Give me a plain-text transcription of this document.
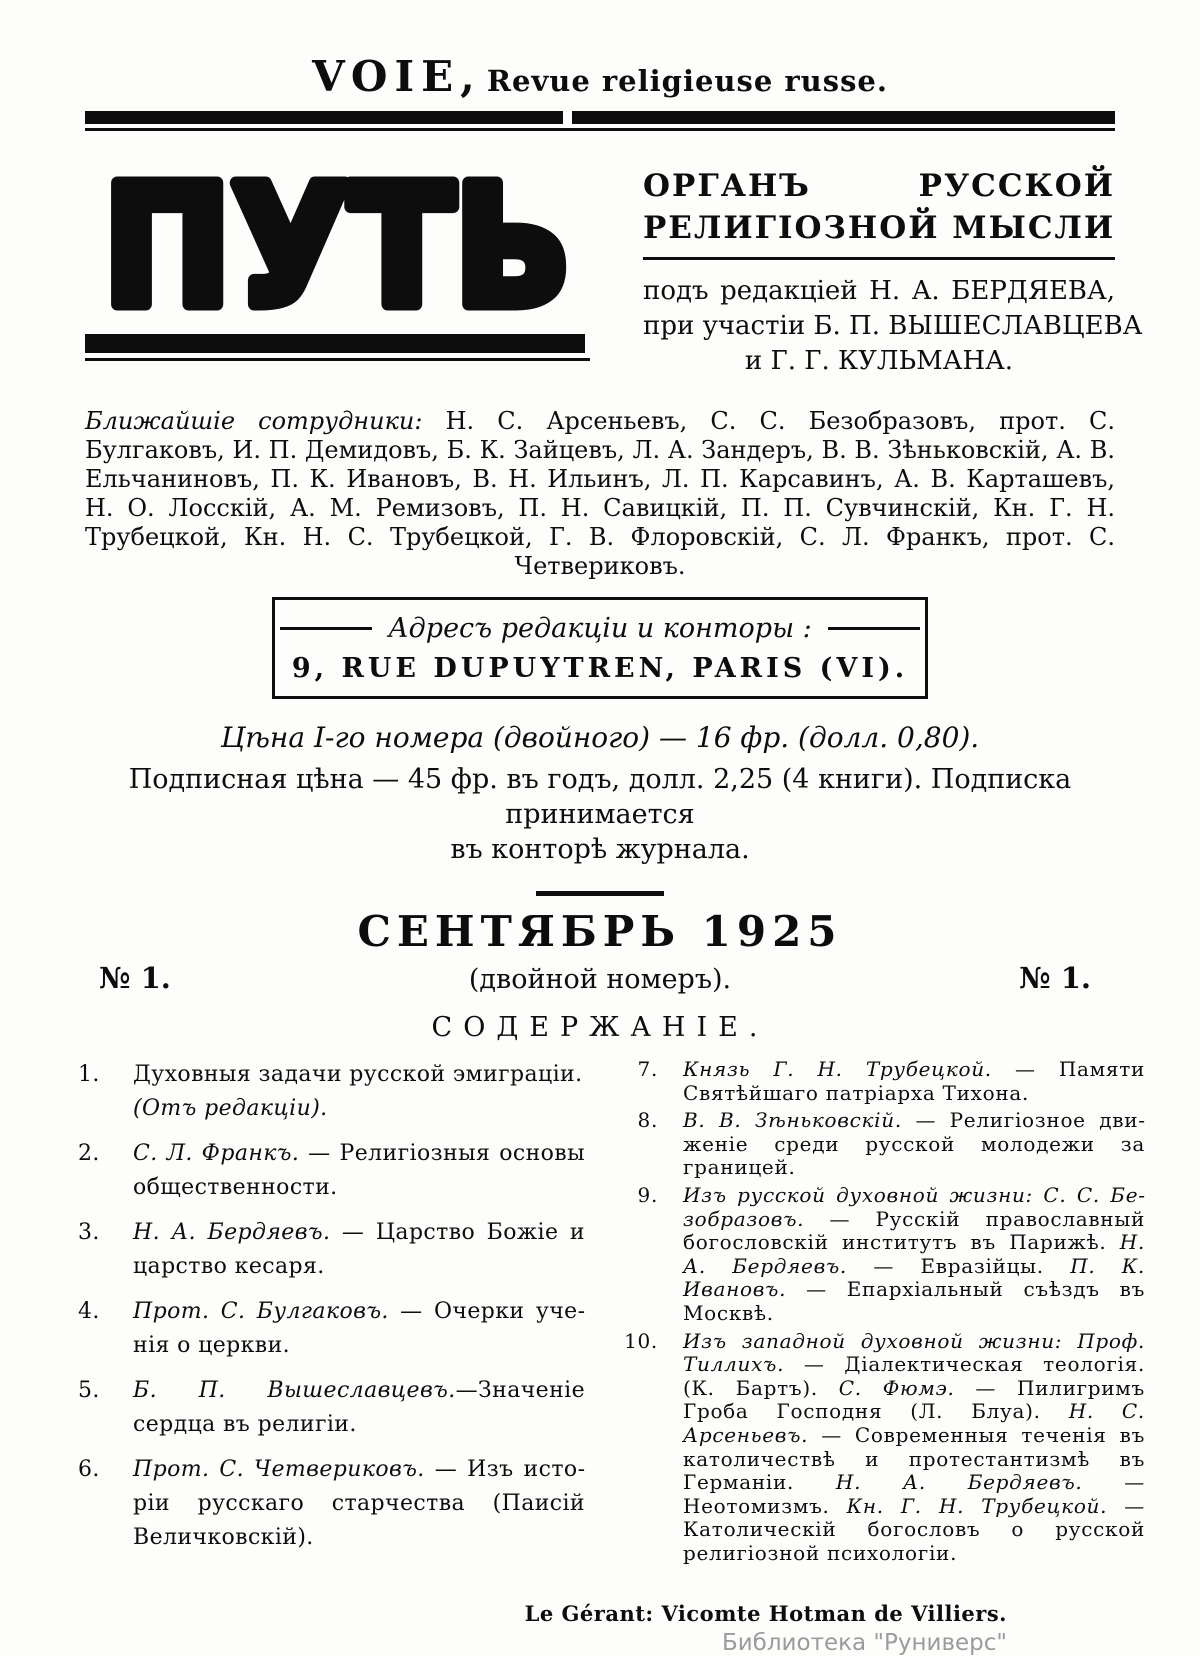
VOIE, Revue religieuse russe.
ПУТЬ ОРГАНЪ РУССКОЙ
РЕЛИГІОЗНОЙ МЫСЛИ
подъ редакціей Н. А. БЕРДЯЕВА,
при участіи Б. П. ВЫШЕСЛАВЦЕВА
и Г. Г. КУЛЬМАНА.
Ближайшіе сотрудники: Н. С. Арсеньевъ, С. С. Безобразовъ, прот. С. Булгаковъ, И. П. Демидовъ, Б. К. Зайцевъ, Л. А. Зандеръ, В. В. Зѣньковскій, А. В. Ельчаниновъ, П. К. Ивановъ, В. Н. Ильинъ, Л. П. Карсавинъ, А. В. Карташевъ, Н. О. Лосскій, А. М. Ремизовъ, П. Н. Савицкій, П. П. Сувчинскій, Кн. Г. Н. Трубецкой, Кн. Н. С. Трубецкой, Г. В. Флоровскій, С. Л. Франкъ, прот. С. Четвериковъ.
Адресъ редакціи и конторы :
9, RUE DUPUYTREN, PARIS (VI).
Цѣна I-го номера (двойного) — 16 фр. (долл. 0,80).
Подписная цѣна — 45 фр. въ годъ, долл. 2,25 (4 книги). Подписка принимается
въ конторѣ журнала.
СЕНТЯБРЬ 1925
№ 1.	(двойной номеръ).	№ 1.
СОДЕРЖАНІЕ.
1.	Духовныя задачи русской эмиграціи.
(Отъ редакціи).
2.	С. Л. Франкъ. — Религіозныя основы общественности.
3.	Н. А. Бердяевъ. — Царство Божіе и царство кесаря.
4.	Прот. С. Булгаковъ. — Очерки ученія о церкви.
5.	Б. П. Вышеславцевъ.—Значеніе сердца въ религіи.
6.	Прот. С. Четвериковъ. — Изъ исторіи русскаго старчества (Паисій Величковскій).
7. Князь Г. Н. Трубецкой. — Памяти Святѣйшаго патріарха Тихона.
8. В. В. Зѣньковскій. — Религіозное движеніе среди русской молодежи за границей.
9. Изъ русской духовной жизни: С. С. Безобразовъ. — Русскій православный богословскій институтъ въ Парижѣ. Н. А. Бердяевъ. — Евразійцы. П. К. Ивановъ. — Епархіальный съѣздъ въ Москвѣ.
10. Изъ западной духовной жизни: Проф. Тиллихъ. — Діалектическая теологія. (К. Бартъ). С. Фюмэ. — Пилигримъ Гроба Господня (Л. Блуа). Н. С. Арсеньевъ. — Современныя теченія въ католичествѣ и протестантизмѣ въ Германіи. Н. А. Бердяевъ. — Неотомизмъ. Кн. Г. Н. Трубецкой. — Католическій богословъ о русской религіозной психологіи.
Le Gérant: Vicomte Hotman de Villiers.
Библиотека "Руниверс"
